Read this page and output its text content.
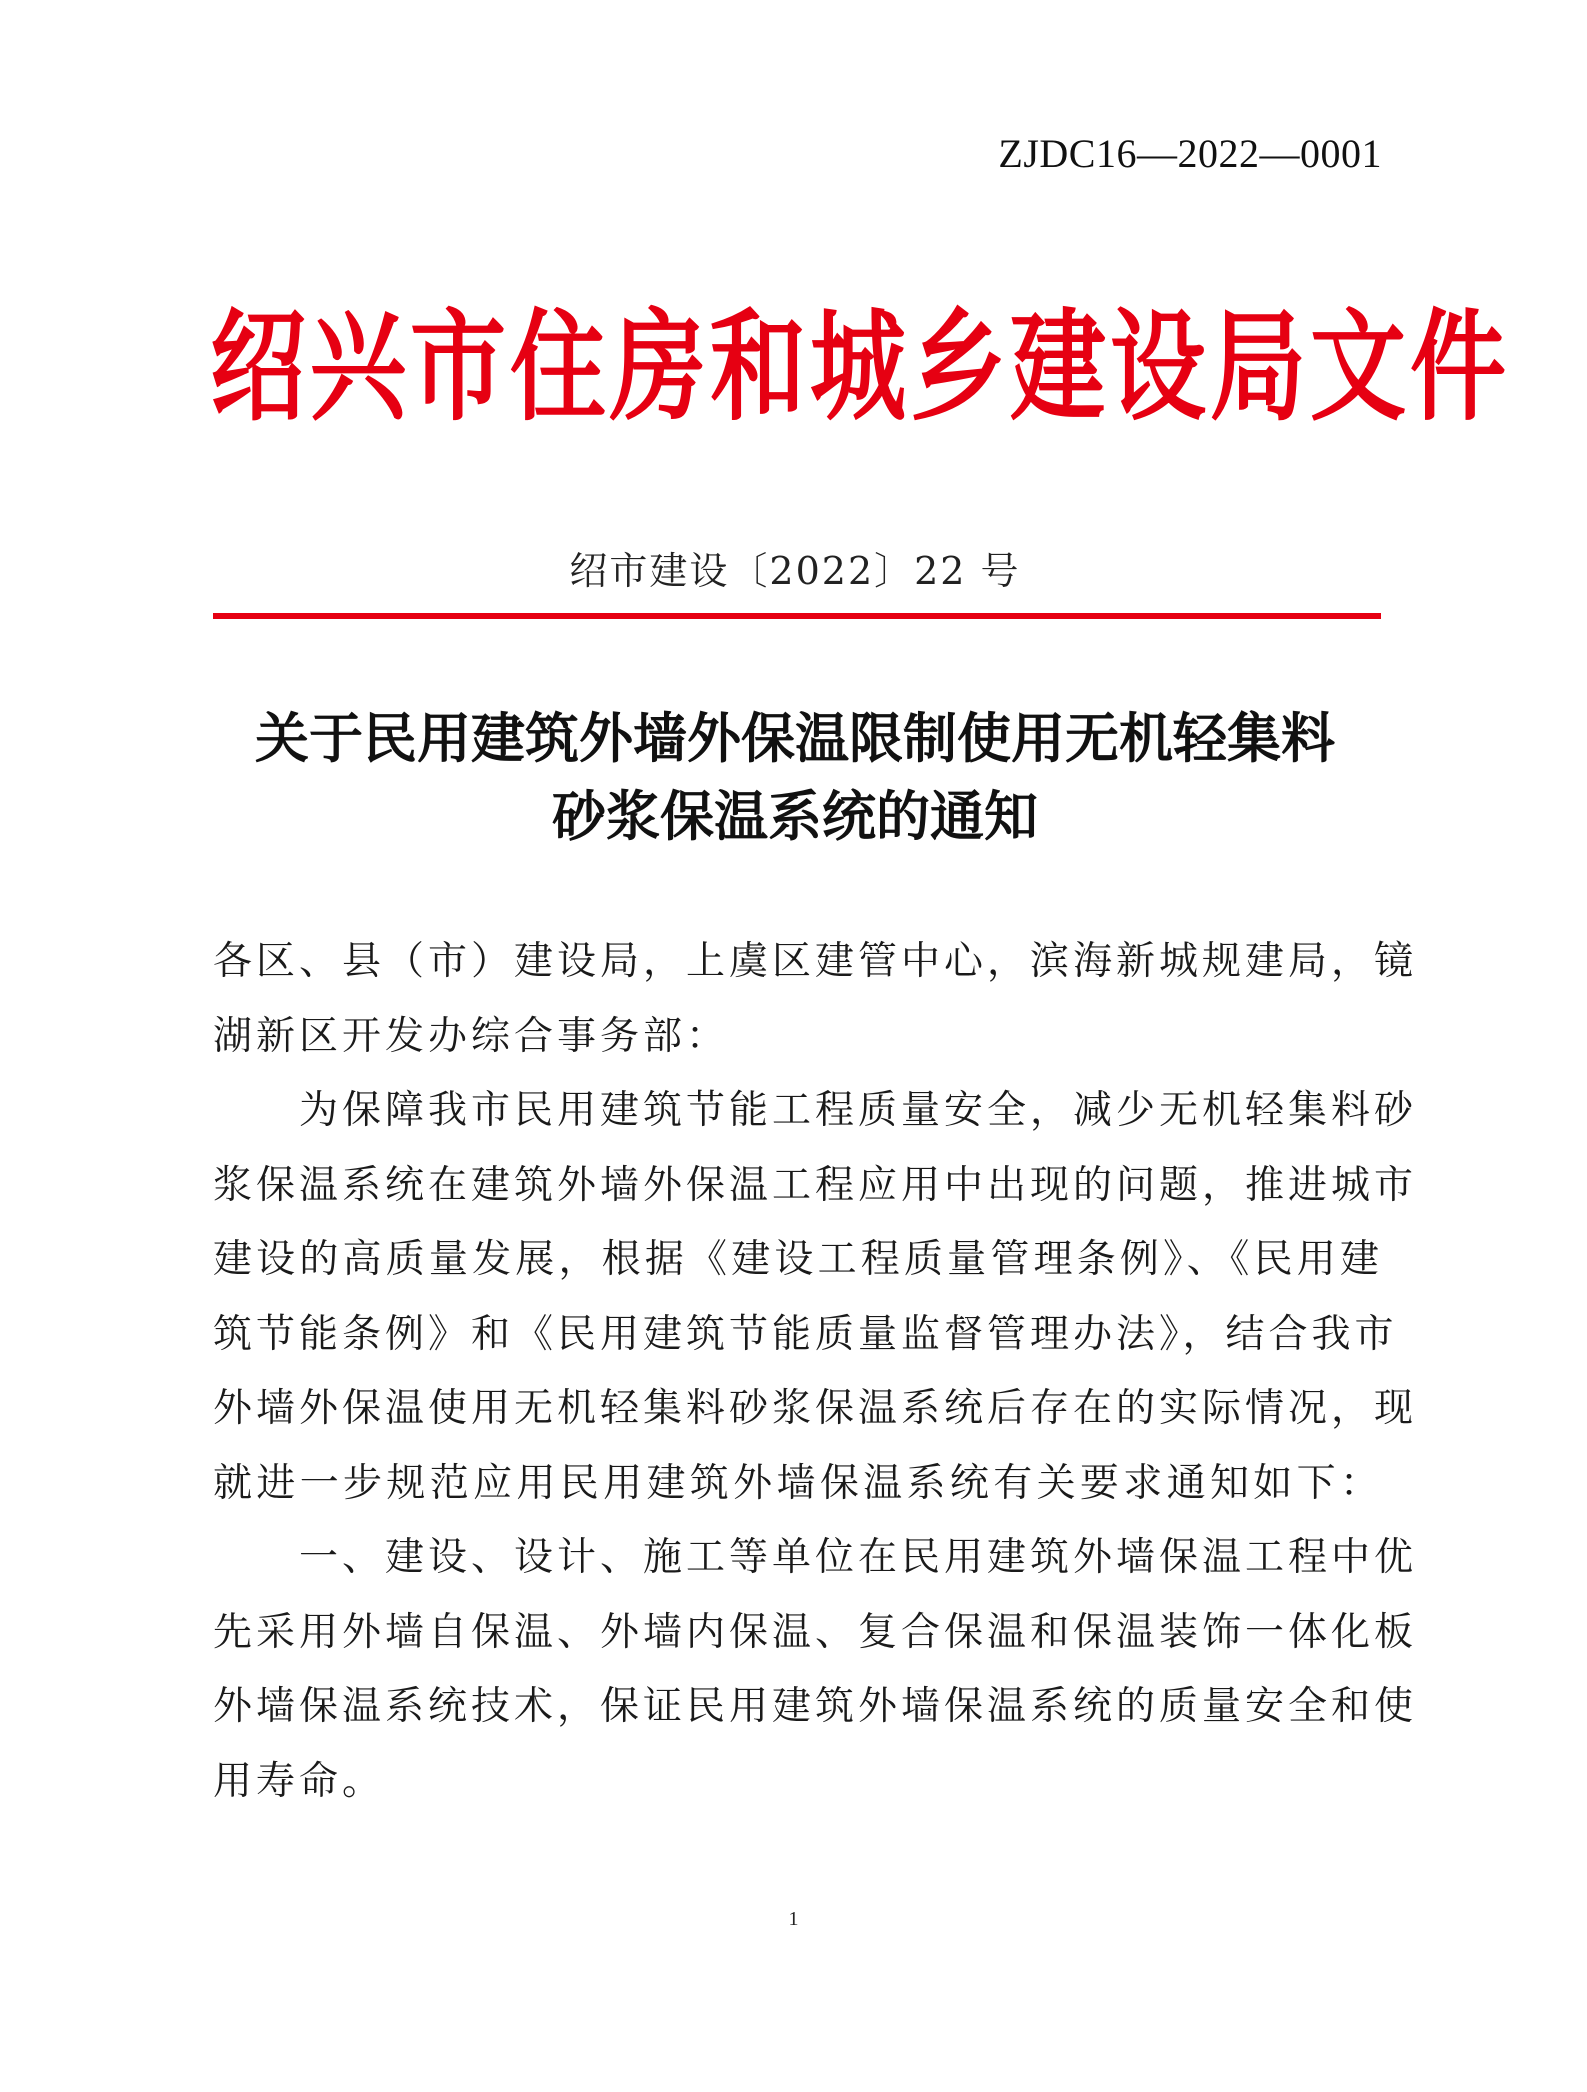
ZJDC16—2022—0001
绍兴市住房和城乡建设局文件
绍市建设〔2022〕22 号
关于民用建筑外墙外保温限制使用无机轻集料
砂浆保温系统的通知
各区、县（市）建设局，上虞区建管中心，滨海新城规建局，镜
湖新区开发办综合事务部：
为保障我市民用建筑节能工程质量安全，减少无机轻集料砂
浆保温系统在建筑外墙外保温工程应用中出现的问题，推进城市
建设的高质量发展，根据《建设工程质量管理条例》、《民用建
筑节能条例》和《民用建筑节能质量监督管理办法》，结合我市
外墙外保温使用无机轻集料砂浆保温系统后存在的实际情况，现
就进一步规范应用民用建筑外墙保温系统有关要求通知如下：
一、建设、设计、施工等单位在民用建筑外墙保温工程中优
先采用外墙自保温、外墙内保温、复合保温和保温装饰一体化板
外墙保温系统技术，保证民用建筑外墙保温系统的质量安全和使
用寿命。
1
